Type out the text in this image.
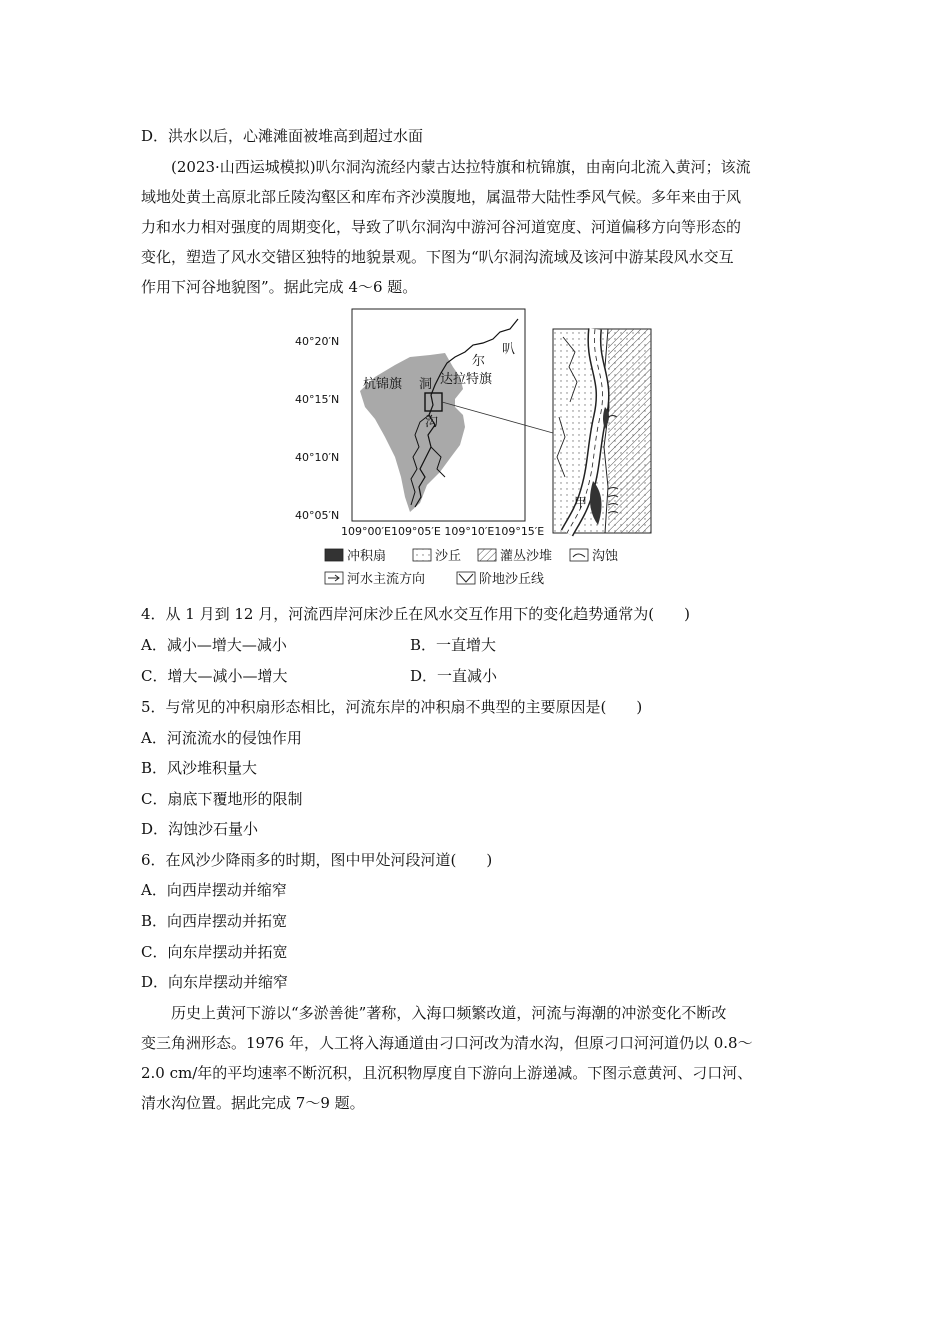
D．洪水以后，心滩滩面被堆高到超过水面
(2023·山西运城模拟)叭尔洞沟流经内蒙古达拉特旗和杭锦旗，由南向北流入黄河；该流
域地处黄土高原北部丘陵沟壑区和库布齐沙漠腹地，属温带大陆性季风气候。多年来由于风
力和水力相对强度的周期变化，导致了叭尔洞沟中游河谷河道宽度、河道偏移方向等形态的
变化，塑造了风水交错区独特的地貌景观。下图为“叭尔洞沟流域及该河中游某段风水交互
作用下河谷地貌图”。据此完成 4～6 题。
40°20′N
40°15′N
40°10′N
40°05′N
109°00′E109°05′E 109°10′E109°15′E
叭
尔
达拉特旗
杭锦旗 洞
沟
甲
冲积扇	沙丘	灌丛沙堆	沟蚀
河水主流方向	阶地沙丘线
4．从 1 月到 12 月，河流西岸河床沙丘在风水交互作用下的变化趋势通常为(　　)
A．减小—增大—减小	B．一直增大
C．增大—减小—增大	D．一直减小
5．与常见的冲积扇形态相比，河流东岸的冲积扇不典型的主要原因是(　　)
A．河流流水的侵蚀作用
B．风沙堆积量大
C．扇底下覆地形的限制
D．沟蚀沙石量小
6．在风沙少降雨多的时期，图中甲处河段河道(　　)
A．向西岸摆动并缩窄
B．向西岸摆动并拓宽
C．向东岸摆动并拓宽
D．向东岸摆动并缩窄
　　历史上黄河下游以“多淤善徙”著称，入海口频繁改道，河流与海潮的冲淤变化不断改
变三角洲形态。1976 年，人工将入海通道由刁口河改为清水沟，但原刁口河河道仍以 0.8～
2.0 cm/年的平均速率不断沉积，且沉积物厚度自下游向上游递减。下图示意黄河、刁口河、
清水沟位置。据此完成 7～9 题。
